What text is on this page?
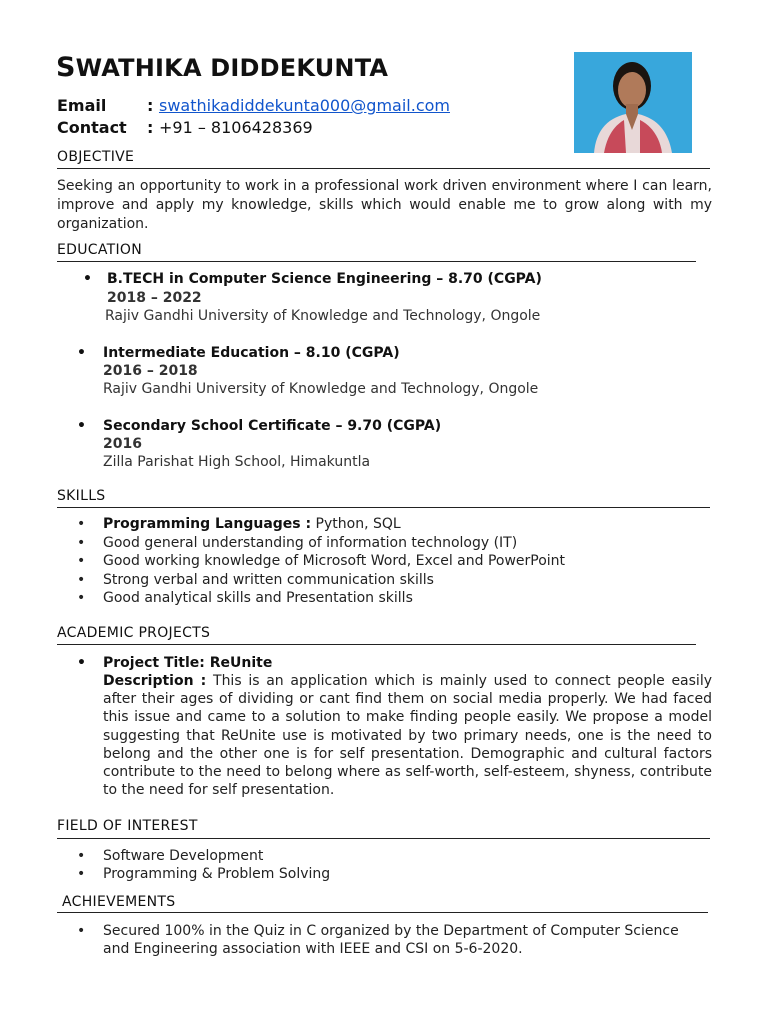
SWATHIKA DIDDEKUNTA
Email	: swathikadiddekunta000@gmail.com
Contact : +91 – 8106428369
OBJECTIVE
Seeking an opportunity to work in a professional work driven environment where I can learn, improve and apply my knowledge, skills which would enable me to grow along with my organization.
EDUCATION
• B.TECH in Computer Science Engineering – 8.70 (CGPA)
2018 – 2022
Rajiv Gandhi University of Knowledge and Technology, Ongole
• Intermediate Education – 8.10 (CGPA)
2016 – 2018
Rajiv Gandhi University of Knowledge and Technology, Ongole
• Secondary School Certificate – 9.70 (CGPA)
2016
Zilla Parishat High School, Himakuntla
SKILLS
• Programming Languages : Python, SQL
• Good general understanding of information technology (IT)
• Good working knowledge of Microsoft Word, Excel and PowerPoint
• Strong verbal and written communication skills
• Good analytical skills and Presentation skills
ACADEMIC PROJECTS
• Project Title: ReUnite
Description : This is an application which is mainly used to connect people easily after their ages of dividing or cant find them on social media properly. We had faced this issue and came to a solution to make finding people easily. We propose a model suggesting that ReUnite use is motivated by two primary needs, one is the need to belong and the other one is for self presentation. Demographic and cultural factors contribute to the need to belong where as self-worth, self-esteem, shyness, contribute to the need for self presentation.
FIELD OF INTEREST
• Software Development
• Programming & Problem Solving
ACHIEVEMENTS
• Secured 100% in the Quiz in C organized by the Department of Computer Science and Engineering association with IEEE and CSI on 5-6-2020.
